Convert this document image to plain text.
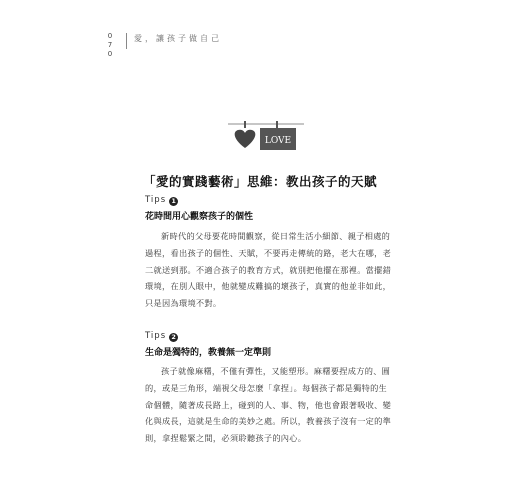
0
7
0
愛，讓孩子做自己
LOVE
「愛的實踐藝術」思維：教出孩子的天賦
Tips 1
花時間用心觀察孩子的個性

新時代的父母要花時間觀察，從日常生活小細節、親子相處的過程，看出孩子的個性、天賦，不要再走傳統的路，老大在哪，老二就送到那。不適合孩子的教育方式，就別把他擺在那裡。當擺錯環境，在別人眼中，他就變成難搞的壞孩子，真實的他並非如此，只是因為環境不對。

Tips 2
生命是獨特的，教養無一定準則

孩子就像麻糬，不僅有彈性，又能塑形。麻糬要捏成方的、圓的，或是三角形，端視父母怎麼「拿捏」。每個孩子都是獨特的生命個體，隨著成長路上，碰到的人、事、物，他也會跟著吸收、變化與成長，這就是生命的美妙之處。所以，教養孩子沒有一定的準則，拿捏鬆緊之間，必須聆聽孩子的內心。
